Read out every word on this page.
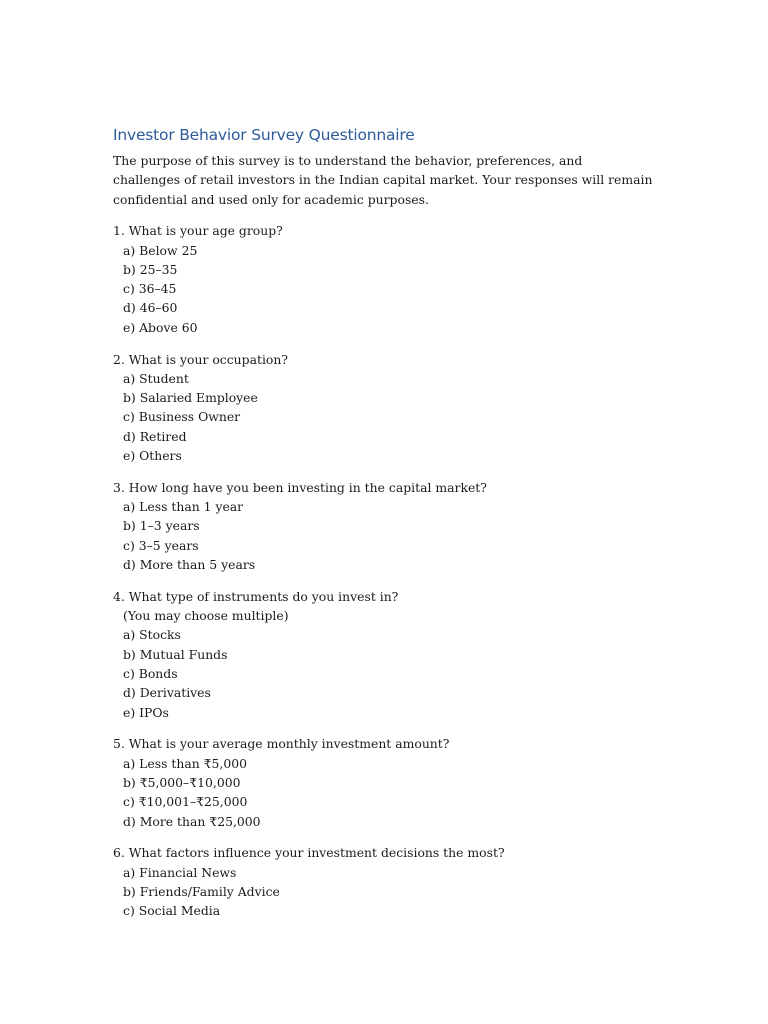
Investor Behavior Survey Questionnaire

The purpose of this survey is to understand the behavior, preferences, and challenges of retail investors in the Indian capital market. Your responses will remain confidential and used only for academic purposes.

1. What is your age group?
a) Below 25
b) 25–35
c) 36–45
d) 46–60
e) Above 60
2. What is your occupation?
a) Student
b) Salaried Employee
c) Business Owner
d) Retired
e) Others
3. How long have you been investing in the capital market?
a) Less than 1 year
b) 1–3 years
c) 3–5 years
d) More than 5 years
4. What type of instruments do you invest in?
(You may choose multiple)
a) Stocks
b) Mutual Funds
c) Bonds
d) Derivatives
e) IPOs
5. What is your average monthly investment amount?
a) Less than ₹5,000
b) ₹5,000–₹10,000
c) ₹10,001–₹25,000
d) More than ₹25,000
6. What factors influence your investment decisions the most?
a) Financial News
b) Friends/Family Advice
c) Social Media
